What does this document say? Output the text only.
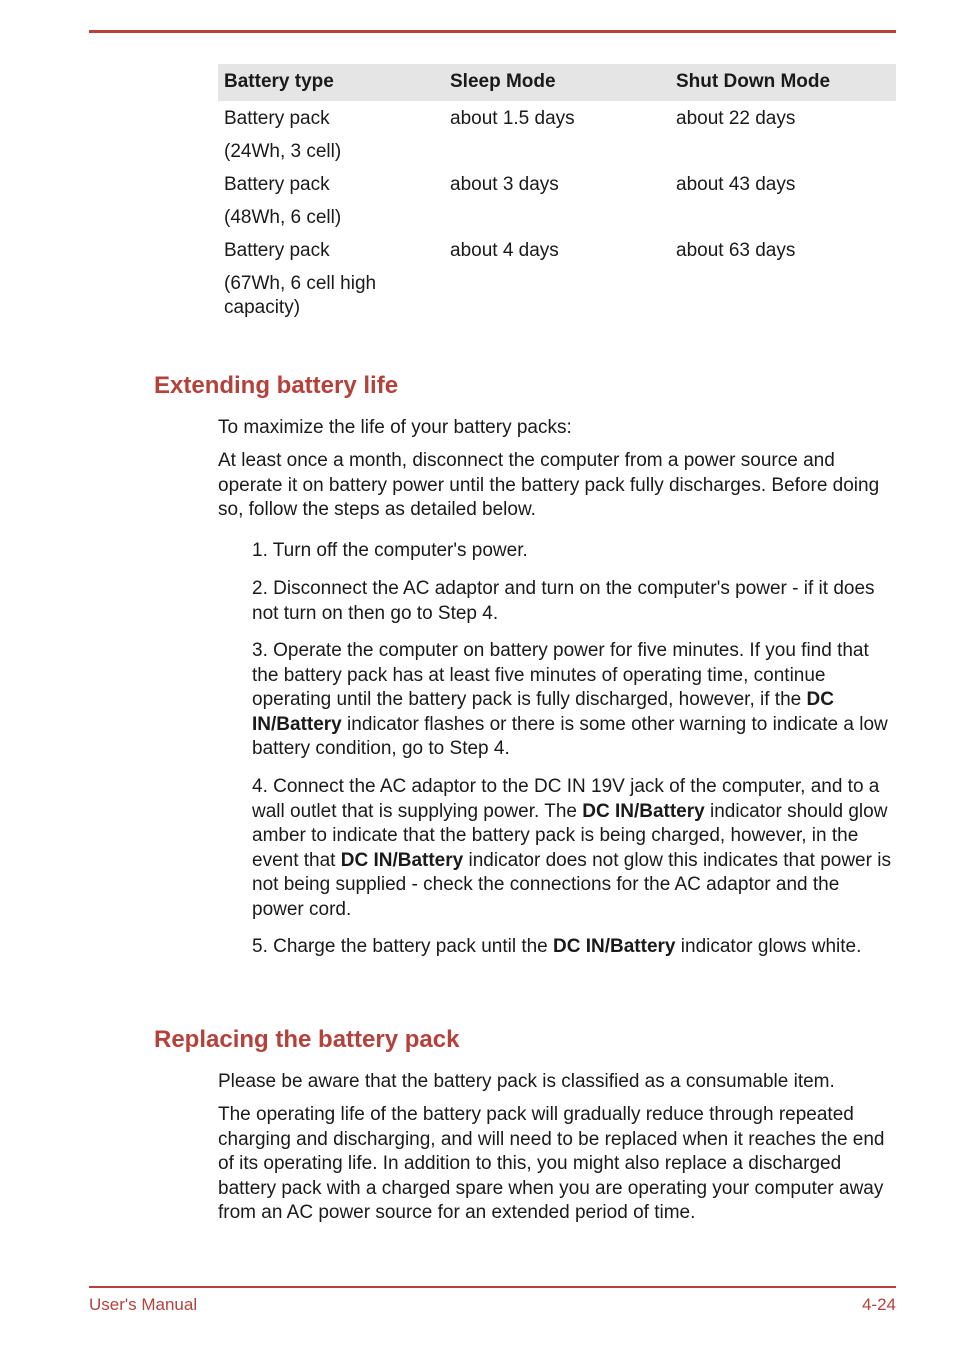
Battery type	Sleep Mode	Shut Down Mode

Battery pack
(24Wh, 3 cell)	about 1.5 days	about 22 days

Battery pack
(48Wh, 6 cell)	about 3 days	about 43 days

Battery pack
(67Wh, 6 cell high capacity)	about 4 days	about 63 days
Extending battery life

To maximize the life of your battery packs:

At least once a month, disconnect the computer from a power source and operate it on battery power until the battery pack fully discharges. Before doing so, follow the steps as detailed below.

1. Turn off the computer's power.

2. Disconnect the AC adaptor and turn on the computer's power - if it does not turn on then go to Step 4.

3. Operate the computer on battery power for five minutes. If you find that the battery pack has at least five minutes of operating time, continue operating until the battery pack is fully discharged, however, if the DC IN/Battery indicator flashes or there is some other warning to indicate a low battery condition, go to Step 4.

4. Connect the AC adaptor to the DC IN 19V jack of the computer, and to a wall outlet that is supplying power. The DC IN/Battery indicator should glow amber to indicate that the battery pack is being charged, however, in the event that DC IN/Battery indicator does not glow this indicates that power is not being supplied - check the connections for the AC adaptor and the power cord.

5. Charge the battery pack until the DC IN/Battery indicator glows white.

Replacing the battery pack

Please be aware that the battery pack is classified as a consumable item.

The operating life of the battery pack will gradually reduce through repeated charging and discharging, and will need to be replaced when it reaches the end of its operating life. In addition to this, you might also replace a discharged battery pack with a charged spare when you are operating your computer away from an AC power source for an extended period of time.

User's Manual	4-24
